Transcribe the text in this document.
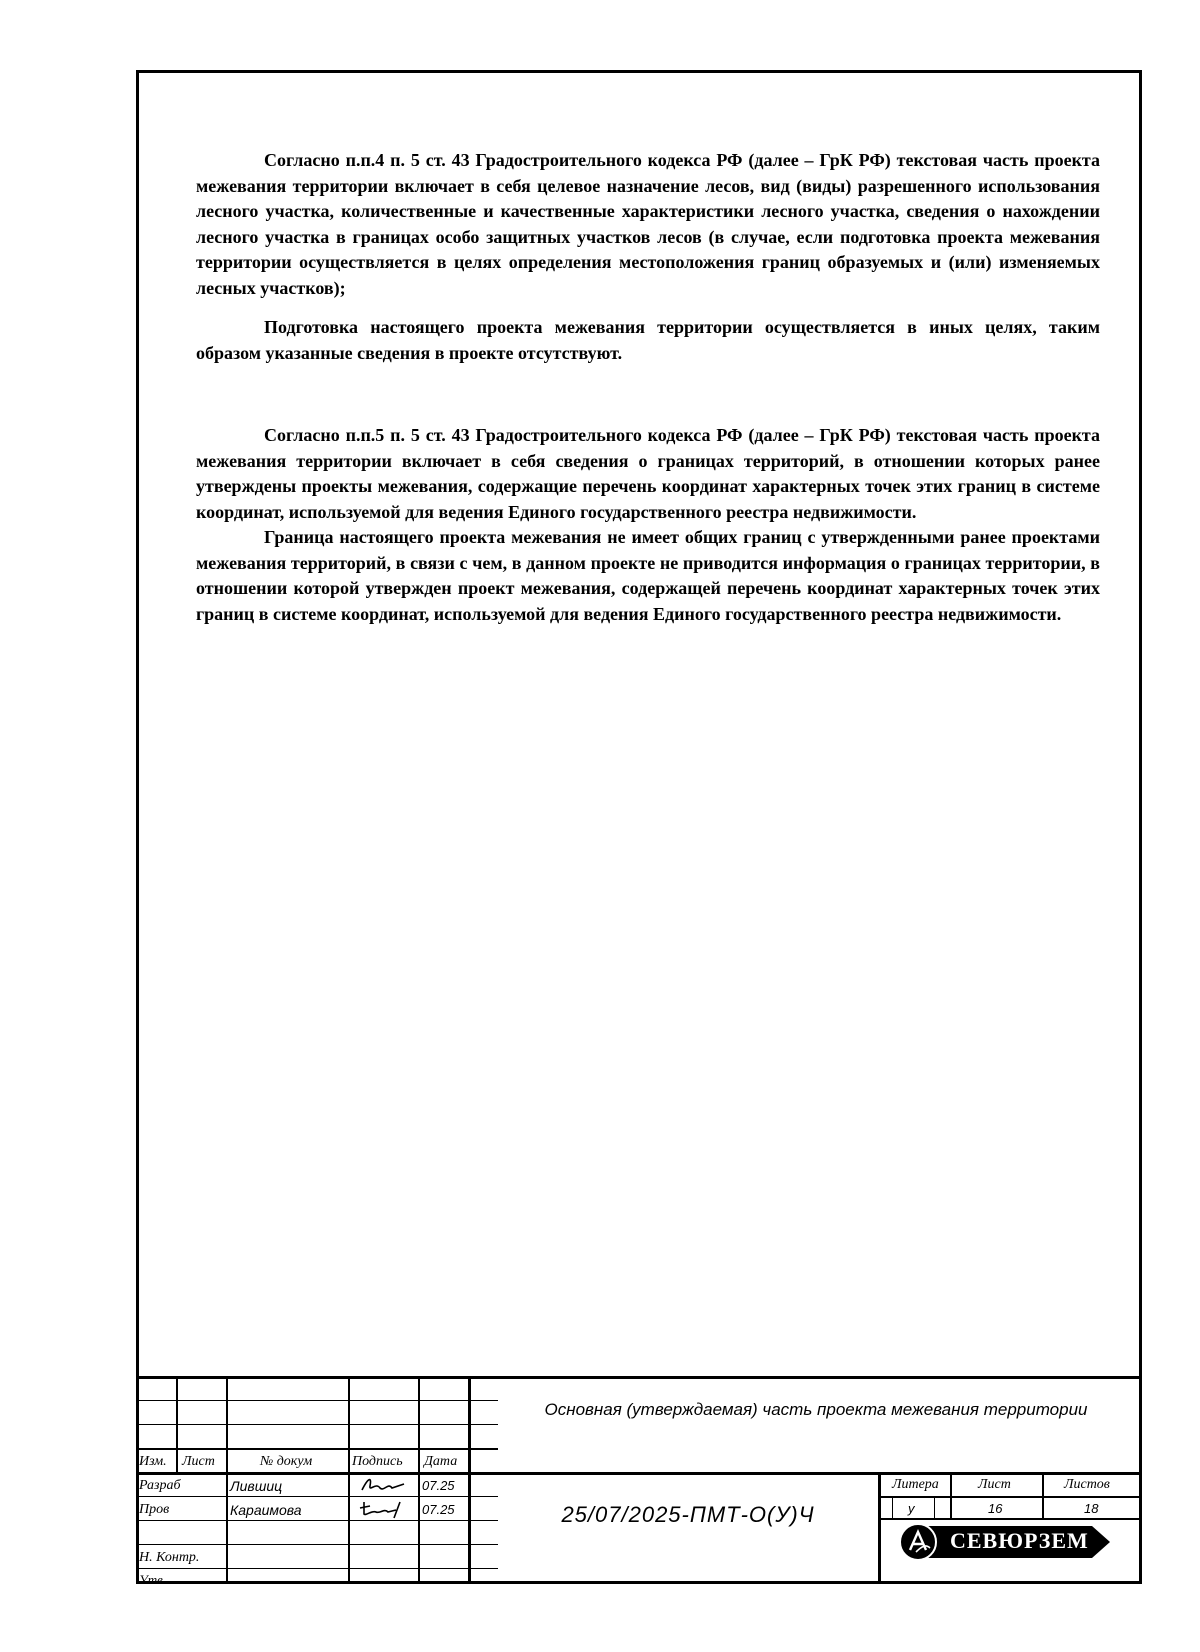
Согласно п.п.4 п. 5 ст. 43 Градостроительного кодекса РФ (далее – ГрК РФ) текстовая часть проекта межевания территории включает в себя целевое назначение лесов, вид (виды) разрешенного использования лесного участка, количественные и качественные характеристики лесного участка, сведения о нахождении лесного участка в границах особо защитных участков лесов (в случае, если подготовка проекта межевания территории осуществляется в целях определения местоположения границ образуемых и (или) изменяемых лесных участков);

Подготовка настоящего проекта межевания территории осуществляется в иных целях, таким образом указанные сведения в проекте отсутствуют.

Согласно п.п.5 п. 5 ст. 43 Градостроительного кодекса РФ (далее – ГрК РФ) текстовая часть проекта межевания территории включает в себя сведения о границах территорий, в отношении которых ранее утверждены проекты межевания, содержащие перечень координат характерных точек этих границ в системе координат, используемой для ведения Единого государственного реестра недвижимости.

Граница настоящего проекта межевания не имеет общих границ с утвержденными ранее проектами межевания территорий, в связи с чем, в данном проекте не приводится информация о границах территории, в отношении которой утвержден проект межевания, содержащей перечень координат характерных точек этих границ в системе координат, используемой для ведения Единого государственного реестра недвижимости.

Изм. Лист	№ докум	Подпись Дата
Основная (утверждаемая) часть проекта межевания территории
Разраб	Лившиц	07.25
Пров	Караимова	07.25
Н. Контр.
Утв
25/07/2025-ПМТ-О(У)Ч
Литера	Лист	Листов
у	16	18
СЕВЮРЗЕМ
